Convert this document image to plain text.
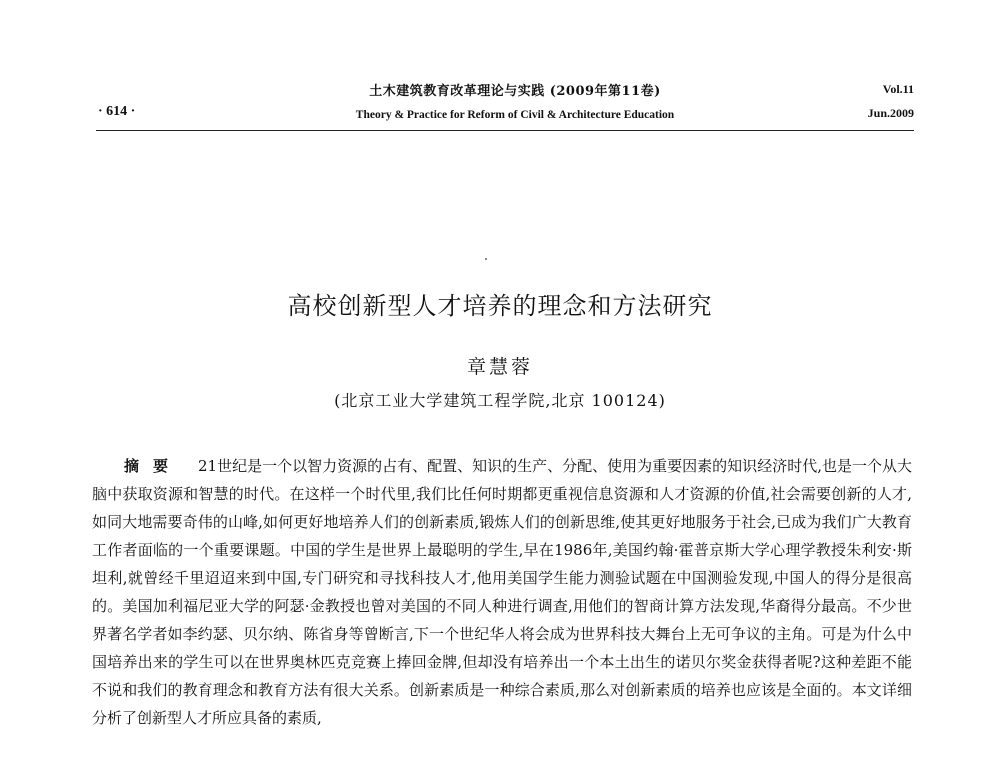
土木建筑教育改革理论与实践 (2009年第11卷)
Theory & Practice for Reform of Civil & Architecture Education
· 614 ·
Vol.11
Jun.2009
高校创新型人才培养的理念和方法研究
章慧蓉
(北京工业大学建筑工程学院,北京 100124)
摘要 21世纪是一个以智力资源的占有、配置、知识的生产、分配、使用为重要因素的知识经济时代,也是一个从大脑中获取资源和智慧的时代。在这样一个时代里,我们比任何时期都更重视信息资源和人才资源的价值,社会需要创新的人才,如同大地需要奇伟的山峰,如何更好地培养人们的创新素质,锻炼人们的创新思维,使其更好地服务于社会,已成为我们广大教育工作者面临的一个重要课题。中国的学生是世界上最聪明的学生,早在1986年,美国约翰·霍普京斯大学心理学教授朱利安·斯坦利,就曾经千里迢迢来到中国,专门研究和寻找科技人才,他用美国学生能力测验试题在中国测验发现,中国人的得分是很高的。美国加利福尼亚大学的阿瑟·金教授也曾对美国的不同人种进行调查,用他们的智商计算方法发现,华裔得分最高。不少世界著名学者如李约瑟、贝尔纳、陈省身等曾断言,下一个世纪华人将会成为世界科技大舞台上无可争议的主角。可是为什么中国培养出来的学生可以在世界奥林匹克竞赛上捧回金牌,但却没有培养出一个本土出生的诺贝尔奖金获得者呢?这种差距不能不说和我们的教育理念和教育方法有很大关系。创新素质是一种综合素质,那么对创新素质的培养也应该是全面的。本文详细分析了创新型人才所应具备的素质,
